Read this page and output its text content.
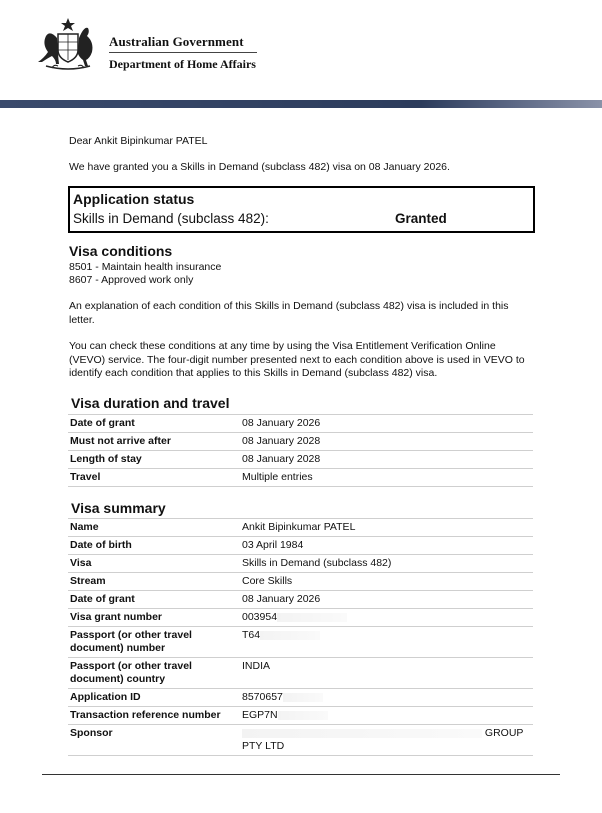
Australian Government
Department of Home Affairs
Dear Ankit Bipinkumar PATEL
We have granted you a Skills in Demand (subclass 482) visa on 08 January 2026.
Application status
Skills in Demand (subclass 482):	Granted
Visa conditions
8501 - Maintain health insurance
8607 - Approved work only
An explanation of each condition of this Skills in Demand (subclass 482) visa is included in this letter.
You can check these conditions at any time by using the Visa Entitlement Verification Online (VEVO) service. The four-digit number presented next to each condition above is used in VEVO to identify each condition that applies to this Skills in Demand (subclass 482) visa.
Visa duration and travel
Date of grant	08 January 2026
Must not arrive after	08 January 2028
Length of stay	08 January 2028
Travel	Multiple entries
Visa summary
Name	Ankit Bipinkumar PATEL
Date of birth	03 April 1984
Visa	Skills in Demand (subclass 482)
Stream	Core Skills
Date of grant	08 January 2026
Visa grant number	003954
Passport (or other travel document) number	T64
Passport (or other travel document) country	INDIA
Application ID	8570657
Transaction reference number	EGP7N
Sponsor	GROUP
PTY LTD
